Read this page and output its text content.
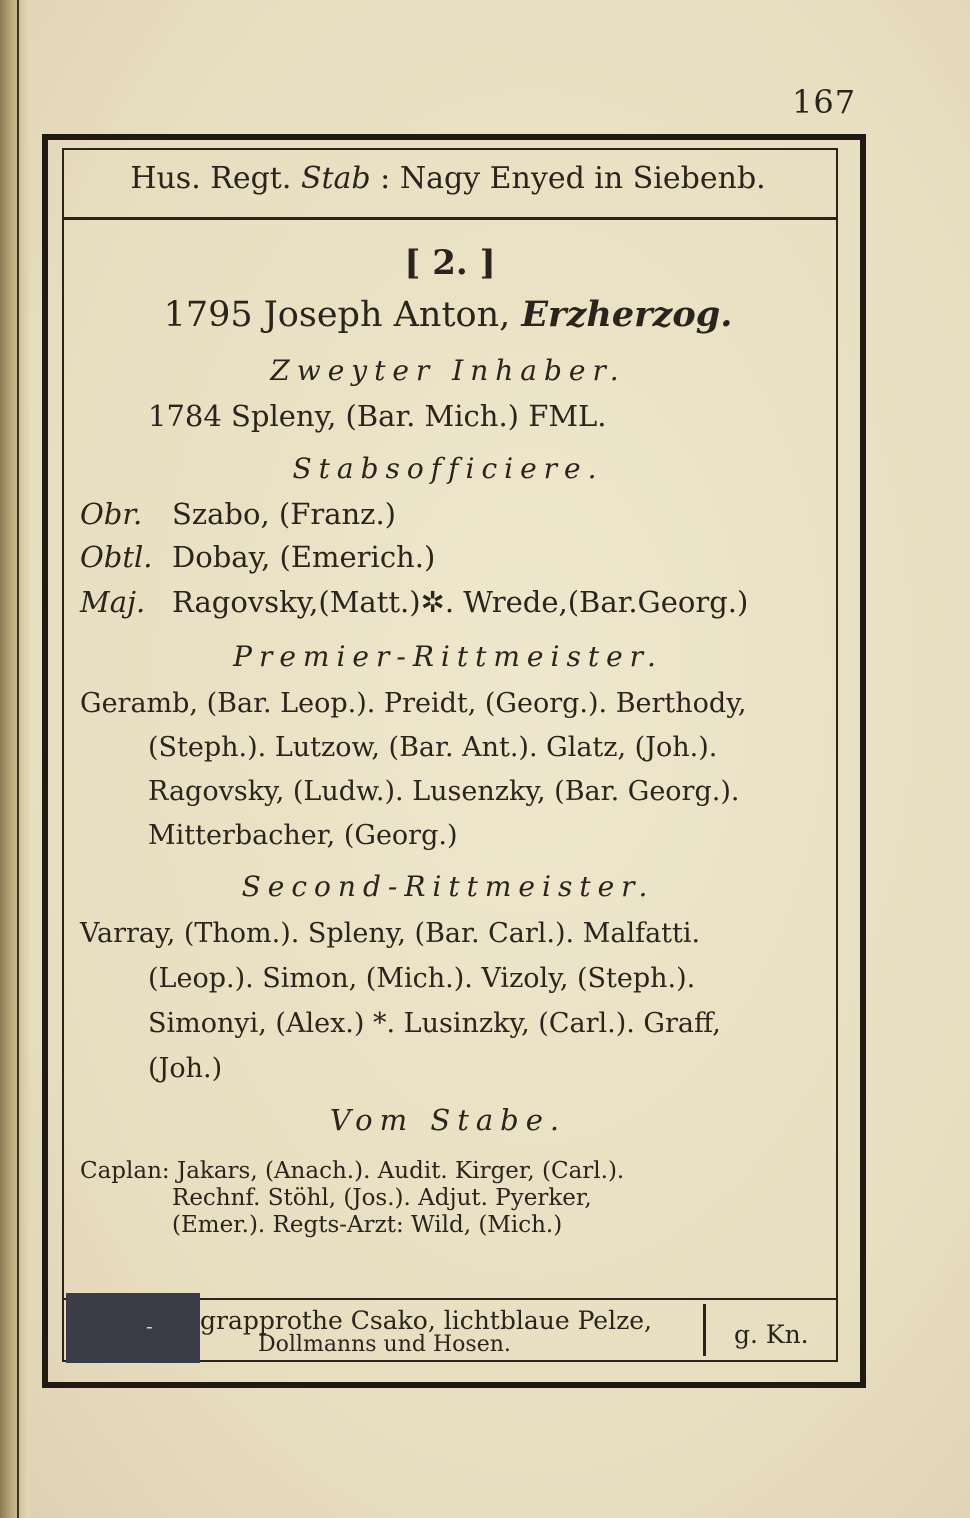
167
Hus. Regt. Stab : Nagy Enyed in Siebenb.
[ 2. ]
1795 Joseph Anton, Erzherzog.
Zweyter Inhaber.
1784 Spleny, (Bar. Mich.) FML.
Stabsofficiere.
Obr. Szabo, (Franz.)
Obtl. Dobay, (Emerich.)
Maj. Ragovsky,(Matt.)✲. Wrede,(Bar.Georg.)
Premier-Rittmeister.
Geramb, (Bar. Leop.). Preidt, (Georg.). Berthody,
(Steph.). Lutzow, (Bar. Ant.). Glatz, (Joh.).
Ragovsky, (Ludw.). Lusenzky, (Bar. Georg.).
Mitterbacher, (Georg.)
Second-Rittmeister.
Varray, (Thom.). Spleny, (Bar. Carl.). Malfatti.
(Leop.). Simon, (Mich.). Vizoly, (Steph.).
Simonyi, (Alex.) *. Lusinzky, (Carl.). Graff,
(Joh.)
Vom Stabe.
Caplan: Jakars, (Anach.). Audit. Kirger, (Carl.).
Rechnf. Stöhl, (Jos.). Adjut. Pyerker,
(Emer.). Regts-Arzt: Wild, (Mich.)
- grapprothe Csako, lichtblaue Pelze,
Dollmanns und Hosen.	g. Kn.
